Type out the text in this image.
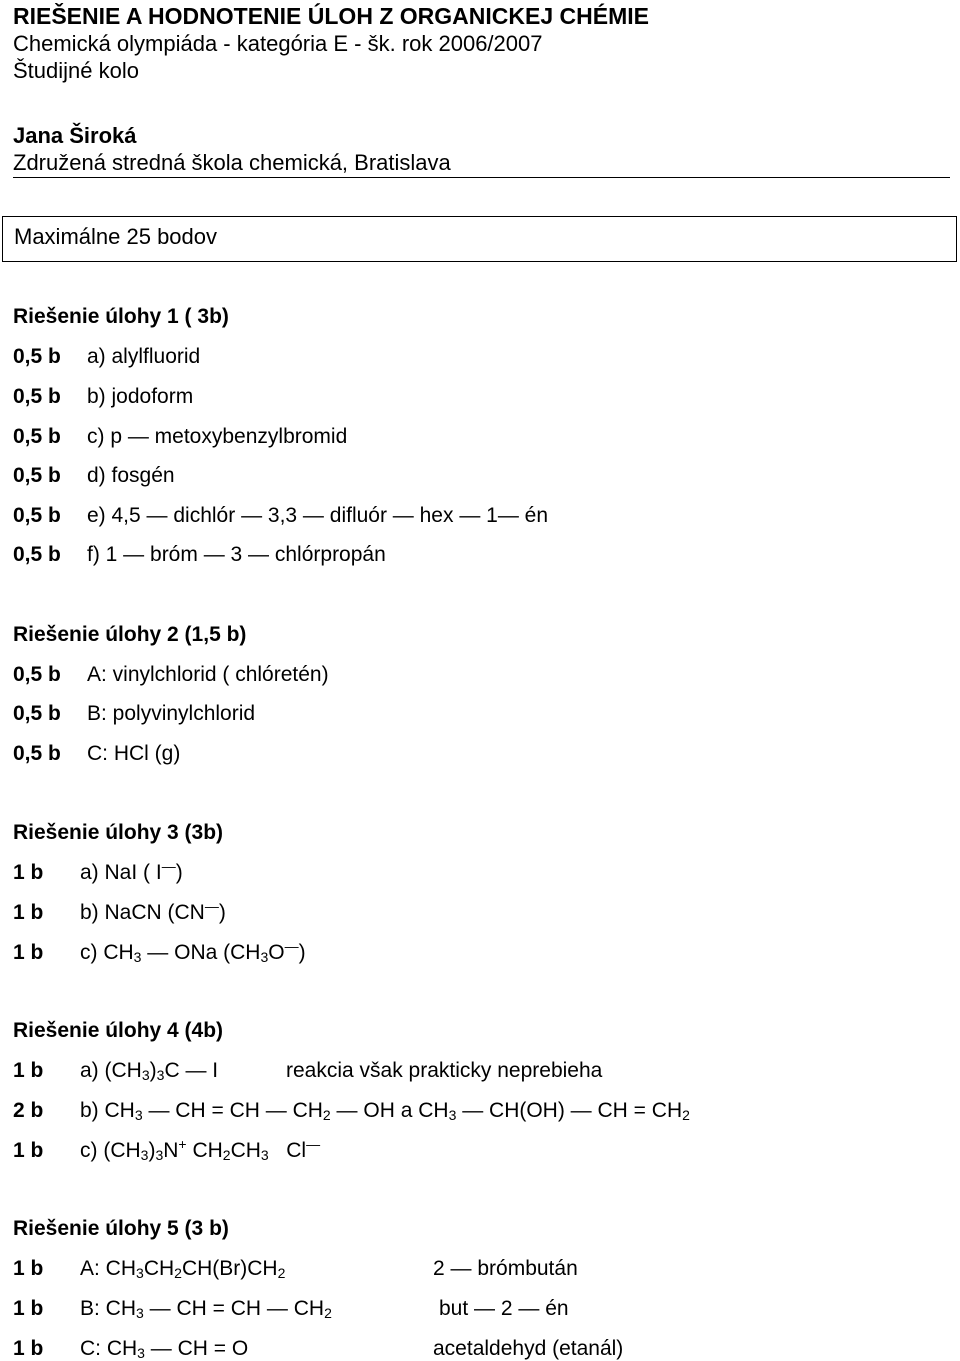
RIEŠENIE A HODNOTENIE ÚLOH Z ORGANICKEJ CHÉMIE
Chemická olympiáda - kategória E - šk. rok 2006/2007
Študijné kolo
Jana Široká
Združená stredná škola chemická, Bratislava
Maximálne 25 bodov
Riešenie úlohy 1 ( 3b)
0,5 b a) alylfluorid
0,5 b b) jodoform
0,5 b c) p — metoxybenzylbromid
0,5 b d) fosgén
0,5 b e) 4,5 — dichlór — 3,3 — difluór — hex — 1— én
0,5 b f) 1 — bróm — 3 — chlórpropán
Riešenie úlohy 2 (1,5 b)
0,5 b A: vinylchlorid ( chlóretén)
0,5 b B: polyvinylchlorid
0,5 b C: HCl (g)
Riešenie úlohy 3 (3b)
1 b a) NaI ( I—)
1 b b) NaCN (CN—)
1 b c) $CH_3$ — ONa $(CH_3O^—)$
Riešenie úlohy 4 (4b)
1 b a) $(CH_3)_3C$ — I	reakcia však prakticky neprebieha
2 b b) $CH_3$ — CH = CH — $CH_2$ — OH a $CH_3$ — CH(OH) — CH = $CH_2$
1 b c) $(CH_3)_3N^+$ $CH_2CH_3$   Cl—
Riešenie úlohy 5 (3 b)
1 b A: $CH_3CH_2CH(Br)CH_2$	2 — brómbután
1 b B: $CH_3$ — CH = CH — $CH_2$	but — 2 — én
1 b C: $CH_3$ — CH = O	acetaldehyd (etanál)
